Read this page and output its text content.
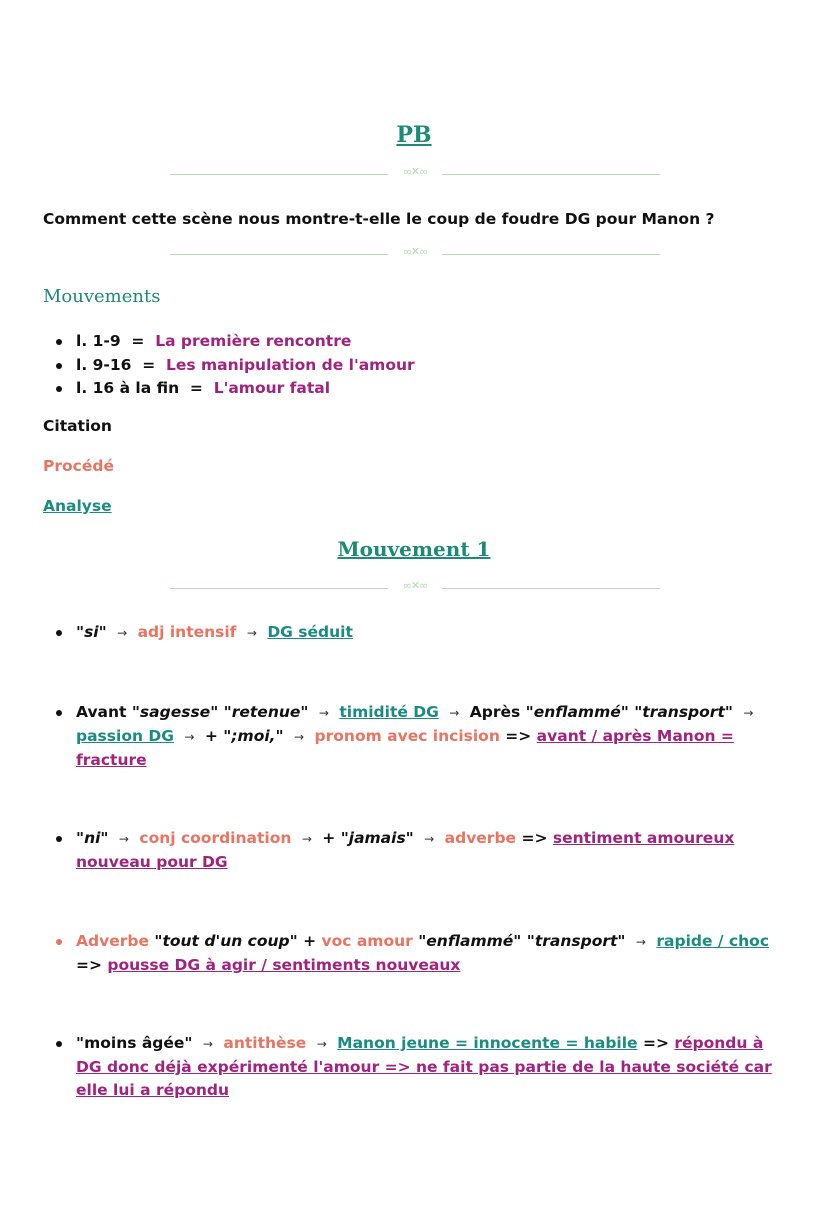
PB
∞✕∞
Comment cette scène nous montre-t-elle le coup de foudre DG pour Manon ?
∞✕∞
Mouvements
l. 1-9 = La première rencontre
l. 9-16 = Les manipulation de l'amour
l. 16 à la fin = L'amour fatal
Citation
Procédé
Analyse
Mouvement 1
∞✕∞
"si" → adj intensif → DG séduit
Avant "sagesse" "retenue" → timidité DG → Après "enflammé" "transport" → passion DG → + ";moi," → pronom avec incision => avant / après Manon = fracture
"ni" → conj coordination → + "jamais" → adverbe => sentiment amoureux nouveau pour DG
Adverbe "tout d'un coup" + voc amour "enflammé" "transport" → rapide / choc => pousse DG à agir / sentiments nouveaux
"moins âgée" → antithèse → Manon jeune = innocente = habile => répondu à DG donc déjà expérimenté l'amour => ne fait pas partie de la haute société car elle lui a répondu
